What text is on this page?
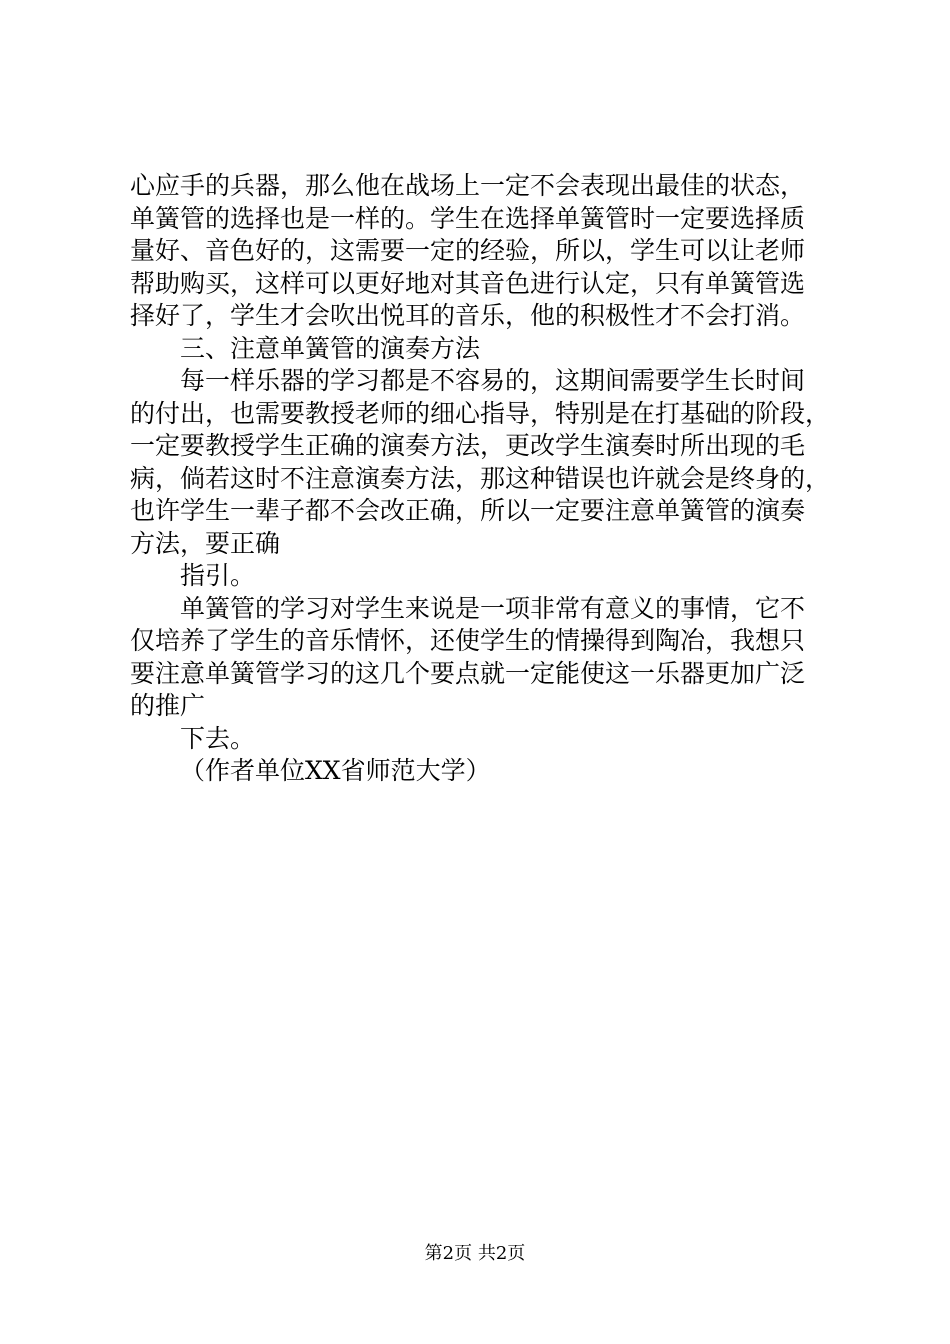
心应手的兵器，那么他在战场上一定不会表现出最佳的状态，
单簧管的选择也是一样的。学生在选择单簧管时一定要选择质
量好、音色好的，这需要一定的经验，所以，学生可以让老师
帮助购买，这样可以更好地对其音色进行认定，只有单簧管选
择好了，学生才会吹出悦耳的音乐，他的积极性才不会打消。
三、注意单簧管的演奏方法
每一样乐器的学习都是不容易的，这期间需要学生长时间
的付出，也需要教授老师的细心指导，特别是在打基础的阶段，
一定要教授学生正确的演奏方法，更改学生演奏时所出现的毛
病，倘若这时不注意演奏方法，那这种错误也许就会是终身的，
也许学生一辈子都不会改正确，所以一定要注意单簧管的演奏
方法，要正确
指引。
单簧管的学习对学生来说是一项非常有意义的事情，它不
仅培养了学生的音乐情怀，还使学生的情操得到陶冶，我想只
要注意单簧管学习的这几个要点就一定能使这一乐器更加广泛
的推广
下去。
（作者单位XX省师范大学）
第2页 共2页
